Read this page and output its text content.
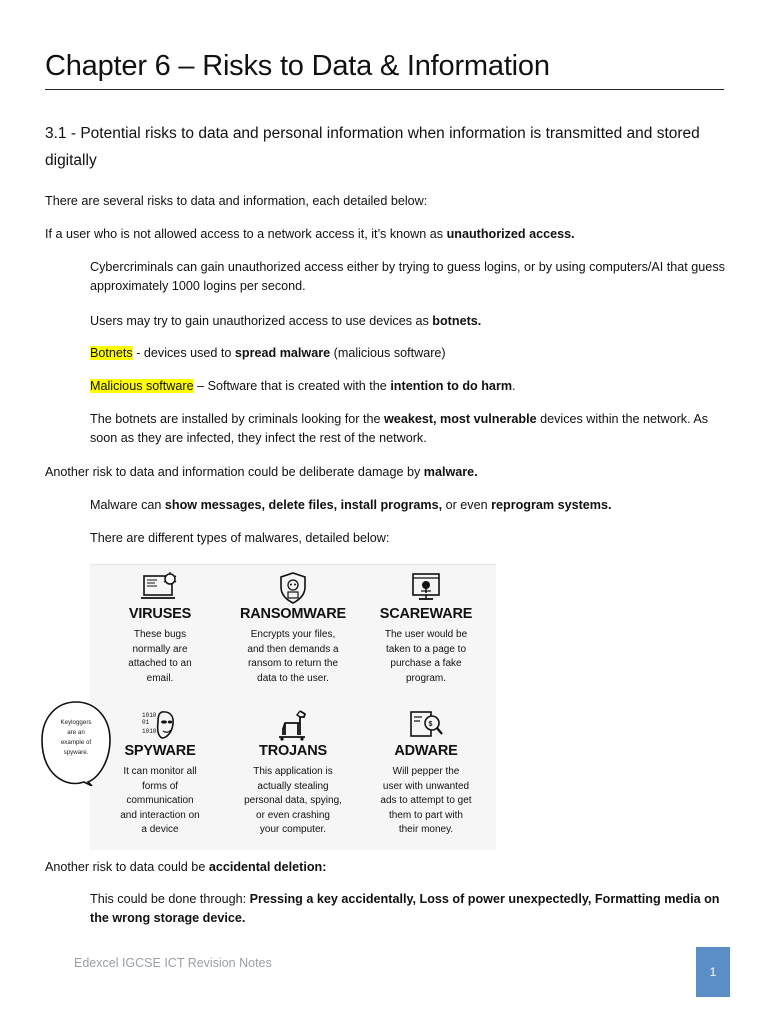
Chapter 6 – Risks to Data & Information
3.1 - Potential risks to data and personal information when information is transmitted and stored digitally

There are several risks to data and information, each detailed below:

If a user who is not allowed access to a network access it, it’s known as unauthorized access.

Cybercriminals can gain unauthorized access either by trying to guess logins, or by using computers/AI that guess approximately 1000 logins per second.

Users may try to gain unauthorized access to use devices as botnets.

Botnets - devices used to spread malware (malicious software)

Malicious software – Software that is created with the intention to do harm.

The botnets are installed by criminals looking for the weakest, most vulnerable devices within the network. As soon as they are infected, they infect the rest of the network.

Another risk to data and information could be deliberate damage by malware.

Malware can show messages, delete files, install programs, or even reprogram systems.

There are different types of malwares, detailed below:

VIRUSES
These bugs
normally are
attached to an
email.
RANSOMWARE
Encrypts your files,
and then demands a
ransom to return the
data to the user.
SCAREWARE
The user would be
taken to a page to
purchase a fake
program.
1010
01
1010
SPYWARE
It can monitor all
forms of
communication
and interaction on
a device
TROJANS
This application is
actually stealing
personal data, spying,
or even crashing
your computer.
$
ADWARE
Will pepper the
user with unwanted
ads to attempt to get
them to part with
their money.
Keyloggers
are an
example of
spyware.

Another risk to data could be accidental deletion:

This could be done through: Pressing a key accidentally, Loss of power unexpectedly, Formatting media on the wrong storage device.

Edexcel IGCSE ICT Revision Notes
1
